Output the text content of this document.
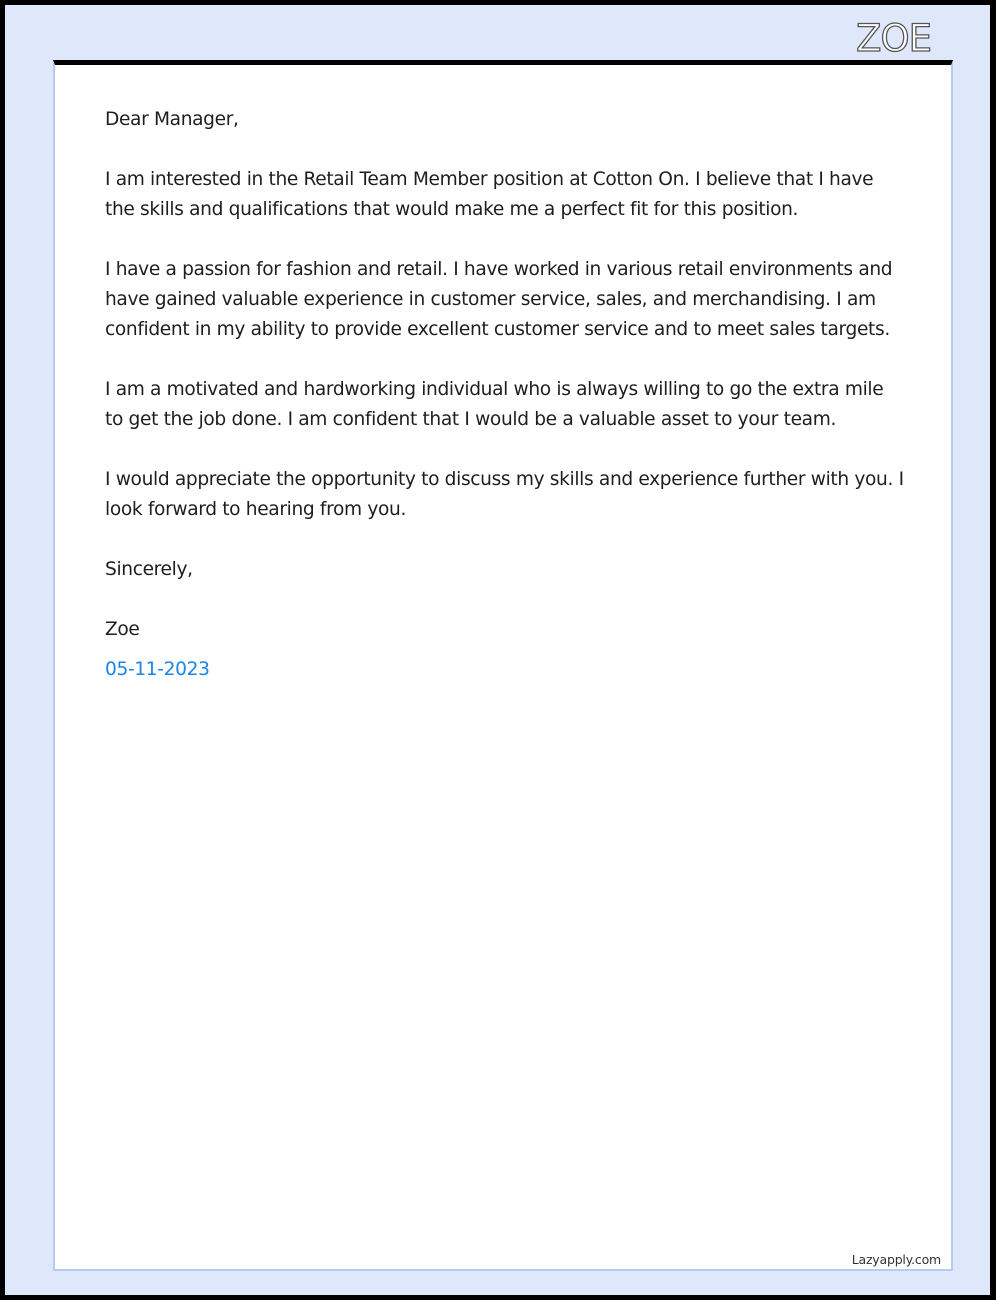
ZOE

Dear Manager,

I am interested in the Retail Team Member position at Cotton On. I believe that I have the skills and qualifications that would make me a perfect fit for this position.

I have a passion for fashion and retail. I have worked in various retail environments and have gained valuable experience in customer service, sales, and merchandising. I am confident in my ability to provide excellent customer service and to meet sales targets.

I am a motivated and hardworking individual who is always willing to go the extra mile to get the job done. I am confident that I would be a valuable asset to your team.

I would appreciate the opportunity to discuss my skills and experience further with you. I look forward to hearing from you.

Sincerely,

Zoe

05-11-2023

Lazyapply.com
